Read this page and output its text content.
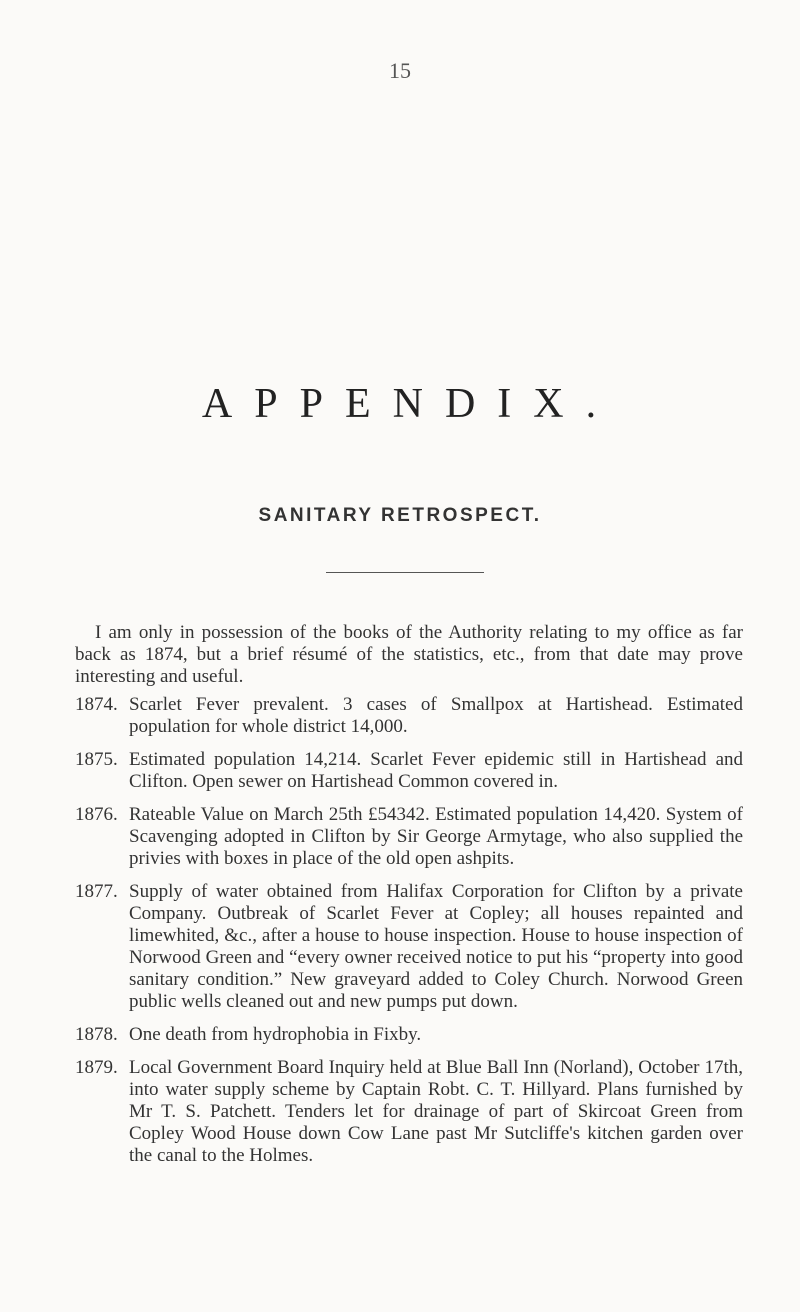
15
APPENDIX.
SANITARY RETROSPECT.

I am only in possession of the books of the Authority relating to my office as far back as 1874, but a brief résumé of the statistics, etc., from that date may prove interesting and useful.

1874. Scarlet Fever prevalent. 3 cases of Smallpox at Hartishead. Estimated population for whole district 14,000.
1875. Estimated population 14,214. Scarlet Fever epidemic still in Hartishead and Clifton. Open sewer on Hartishead Common covered in.
1876. Rateable Value on March 25th £54342. Estimated population 14,420. System of Scavenging adopted in Clifton by Sir George Armytage, who also supplied the privies with boxes in place of the old open ashpits.
1877. Supply of water obtained from Halifax Corporation for Clifton by a private Company. Outbreak of Scarlet Fever at Copley; all houses repainted and limewhited, &c., after a house to house inspection. House to house inspection of Norwood Green and “every owner received notice to put his “property into good sanitary condition.” New graveyard added to Coley Church. Norwood Green public wells cleaned out and new pumps put down.
1878. One death from hydrophobia in Fixby.
1879. Local Government Board Inquiry held at Blue Ball Inn (Norland), October 17th, into water supply scheme by Captain Robt. C. T. Hillyard. Plans furnished by Mr T. S. Patchett. Tenders let for drainage of part of Skircoat Green from Copley Wood House down Cow Lane past Mr Sutcliffe's kitchen garden over the canal to the Holmes.
